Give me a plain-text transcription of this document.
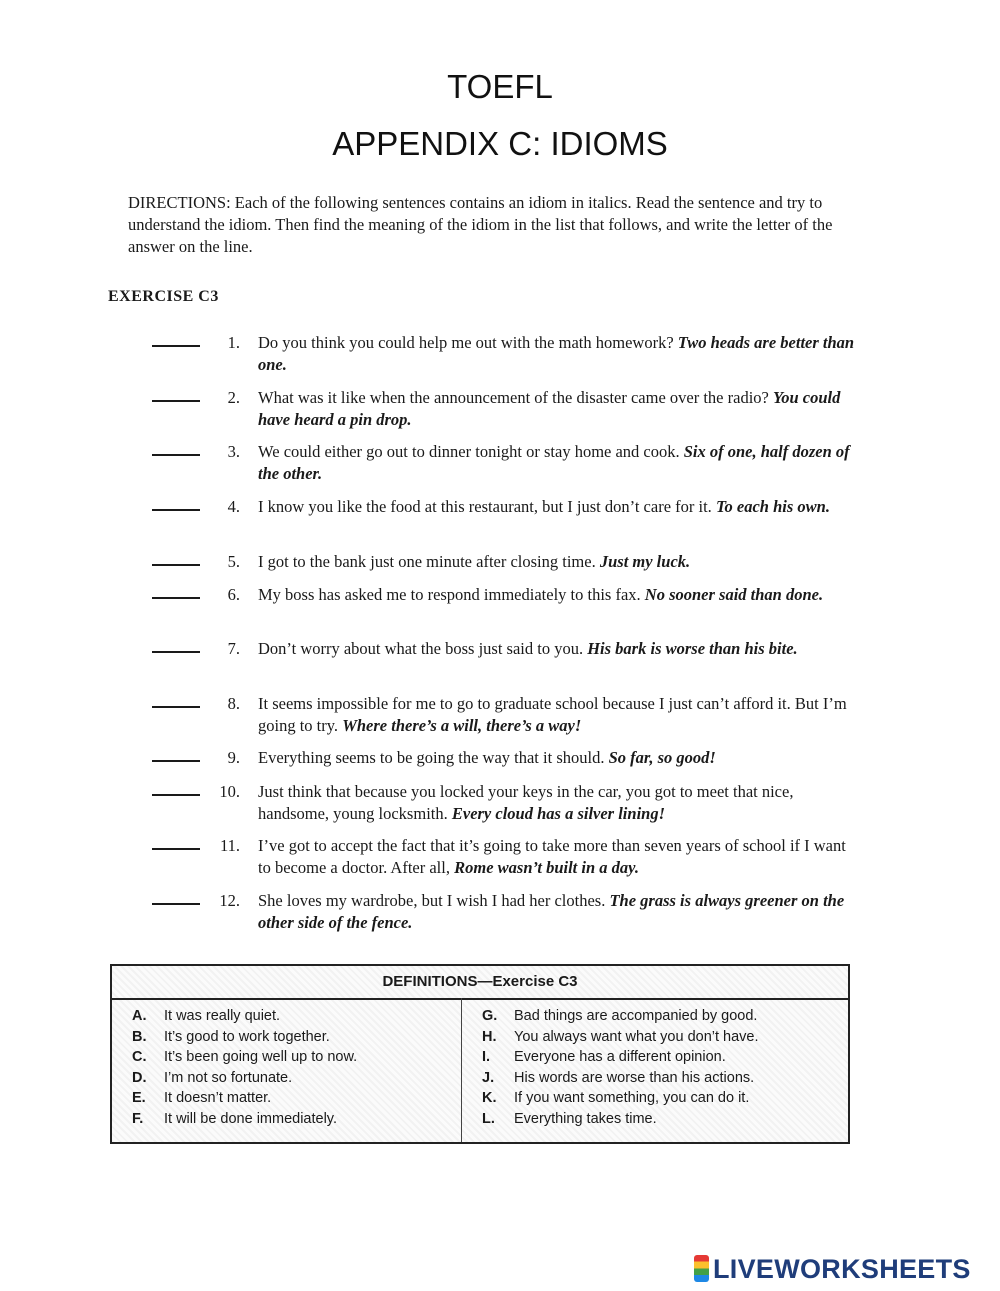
TOEFL
APPENDIX C: IDIOMS

DIRECTIONS: Each of the following sentences contains an idiom in italics. Read the sentence and try to understand the idiom. Then find the meaning of the idiom in the list that follows, and write the letter of the answer on the line.

EXERCISE C3
1. Do you think you could help me out with the math homework? Two heads are better than one.
2. What was it like when the announcement of the disaster came over the radio? You could have heard a pin drop.
3. We could either go out to dinner tonight or stay home and cook. Six of one, half dozen of the other.
4. I know you like the food at this restaurant, but I just don’t care for it. To each his own.
5. I got to the bank just one minute after closing time. Just my luck.
6. My boss has asked me to respond immediately to this fax. No sooner said than done.
7. Don’t worry about what the boss just said to you. His bark is worse than his bite.
8. It seems impossible for me to go to graduate school because I just can’t afford it. But I’m going to try. Where there’s a will, there’s a way!
9. Everything seems to be going the way that it should. So far, so good!
10. Just think that because you locked your keys in the car, you got to meet that nice, handsome, young locksmith. Every cloud has a silver lining!
11. I’ve got to accept the fact that it’s going to take more than seven years of school if I want to become a doctor. After all, Rome wasn’t built in a day.
12. She loves my wardrobe, but I wish I had her clothes. The grass is always greener on the other side of the fence.
DEFINITIONS—Exercise C3
A. It was really quiet.
B. It’s good to work together.
C. It’s been going well up to now.
D. I’m not so fortunate.
E. It doesn’t matter.
F. It will be done immediately.
G. Bad things are accompanied by good.
H. You always want what you don’t have.
I. Everyone has a different opinion.
J. His words are worse than his actions.
K. If you want something, you can do it.
L. Everything takes time.
LIVEWORKSHEETS
